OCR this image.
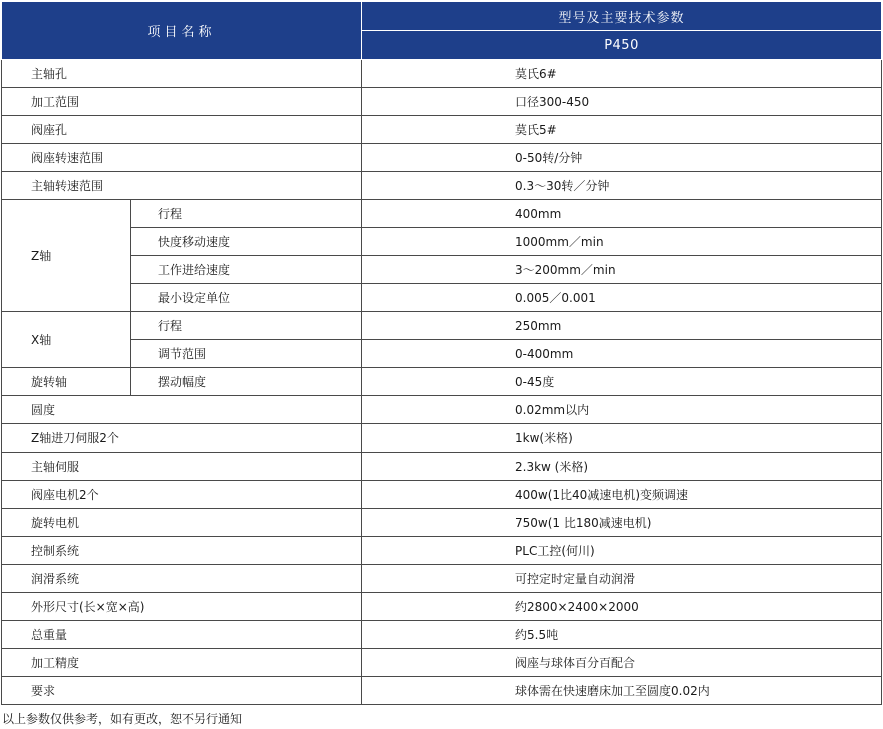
项目名称		型号及主要技术参数
		P450
主轴孔		莫氏6#
加工范围		口径300-450
阀座孔		莫氏5#
阀座转速范围		0-50转/分钟
主轴转速范围		0.3～30转／分钟
Z轴	行程	400mm
	快度移动速度	1000mm／min
	工作进给速度	3～200mm／min
	最小设定单位	0.005／0.001
X轴	行程	250mm
	调节范围	0-400mm
旋转轴	摆动幅度	0-45度
圆度		0.02mm以内
Z轴进刀伺服2个		1kw(米格)
主轴伺服		2.3kw (米格)
阀座电机2个		400w(1比40减速电机)变频调速
旋转电机		750w(1 比180减速电机)
控制系统		PLC工控(何川)
润滑系统		可控定时定量自动润滑
外形尺寸(长×宽×高)		约2800×2400×2000
总重量		约5.5吨
加工精度		阀座与球体百分百配合
要求		球体需在快速磨床加工至圆度0.02内
以上参数仅供参考，如有更改，恕不另行通知
